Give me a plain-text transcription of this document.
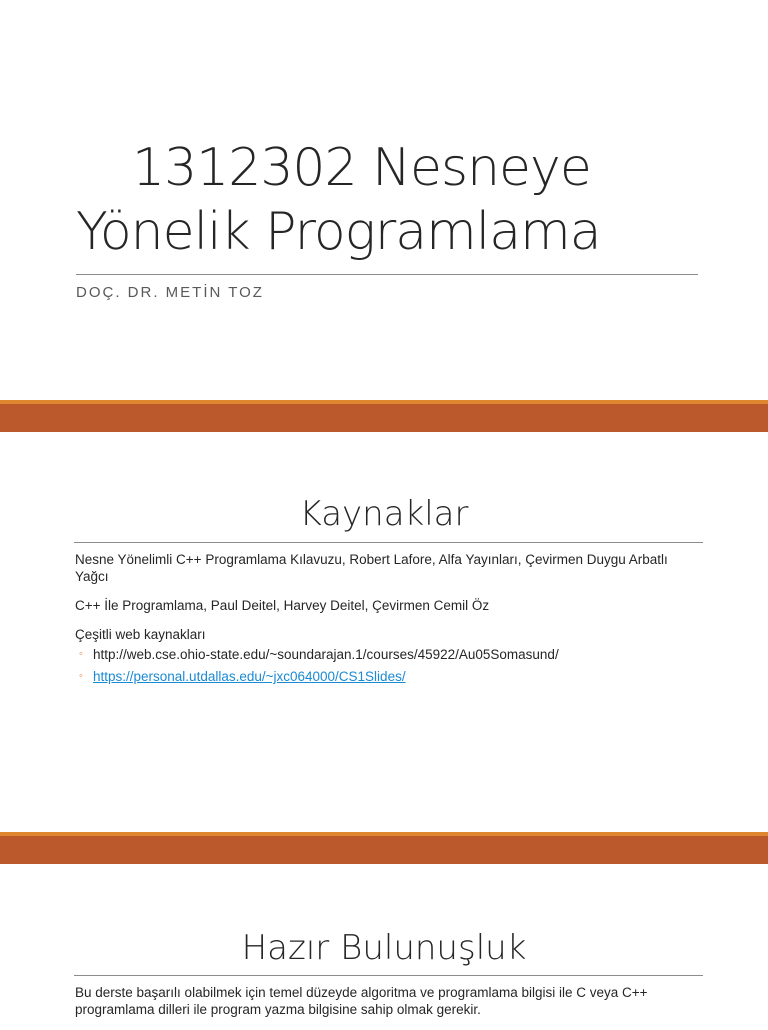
1312302 Nesneye
Yönelik Programlama
DOÇ. DR. METİN TOZ
Kaynaklar

Nesne Yönelimli C++ Programlama Kılavuzu, Robert Lafore, Alfa Yayınları, Çevirmen Duygu Arbatlı Yağcı

C++ İle Programlama, Paul Deitel, Harvey Deitel, Çevirmen Cemil Öz

Çeşitli web kaynakları

◦ http://web.cse.ohio-state.edu/~soundarajan.1/courses/45922/Au05Somasund/
◦ https://personal.utdallas.edu/~jxc064000/CS1Slides/
Hazır Bulunuşluk

Bu derste başarılı olabilmek için temel düzeyde algoritma ve programlama bilgisi ile C veya C++ programlama dilleri ile program yazma bilgisine sahip olmak gerekir.
